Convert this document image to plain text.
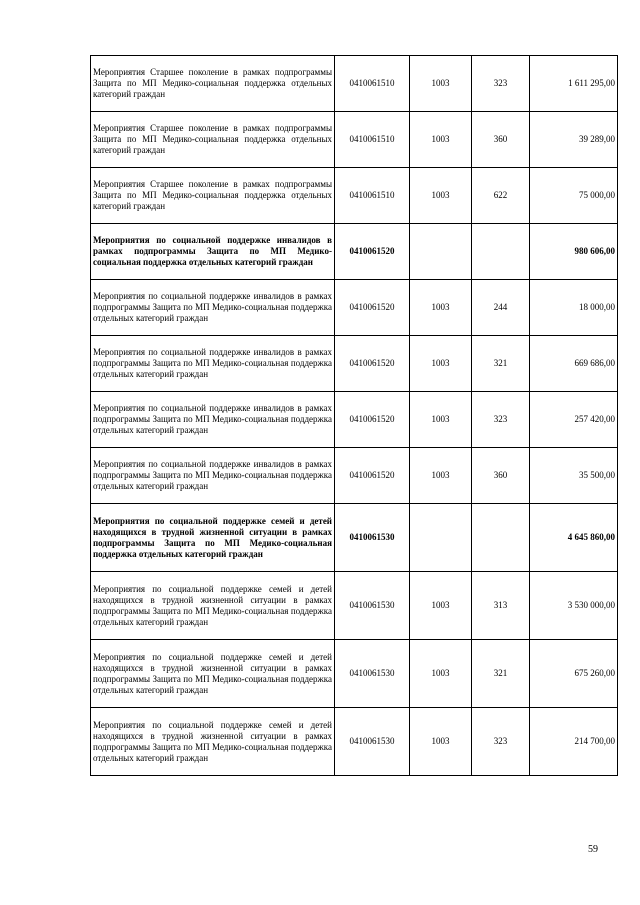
Мероприятия Старшее поколение в рамках подпрограммы Защита по МП Медико-социальная поддержка отдельных категорий граждан	0410061510	1003	323	1 611 295,00
Мероприятия Старшее поколение в рамках подпрограммы Защита по МП Медико-социальная поддержка отдельных категорий граждан	0410061510	1003	360	39 289,00
Мероприятия Старшее поколение в рамках подпрограммы Защита по МП Медико-социальная поддержка отдельных категорий граждан	0410061510	1003	622	75 000,00
Мероприятия по социальной поддержке инвалидов в рамках подпрограммы Защита по МП Медико-социальная поддержка отдельных категорий граждан	0410061520			980 606,00
Мероприятия по социальной поддержке инвалидов в рамках подпрограммы Защита по МП Медико-социальная поддержка отдельных категорий граждан	0410061520	1003	244	18 000,00
Мероприятия по социальной поддержке инвалидов в рамках подпрограммы Защита по МП Медико-социальная поддержка отдельных категорий граждан	0410061520	1003	321	669 686,00
Мероприятия по социальной поддержке инвалидов в рамках подпрограммы Защита по МП Медико-социальная поддержка отдельных категорий граждан	0410061520	1003	323	257 420,00
Мероприятия по социальной поддержке инвалидов в рамках подпрограммы Защита по МП Медико-социальная поддержка отдельных категорий граждан	0410061520	1003	360	35 500,00
Мероприятия по социальной поддержке семей и детей находящихся в трудной жизненной ситуации в рамках подпрограммы Защита по МП Медико-социальная поддержка отдельных категорий граждан	0410061530			4 645 860,00
Мероприятия по социальной поддержке семей и детей находящихся в трудной жизненной ситуации в рамках подпрограммы Защита по МП Медико-социальная поддержка отдельных категорий граждан	0410061530	1003	313	3 530 000,00
Мероприятия по социальной поддержке семей и детей находящихся в трудной жизненной ситуации в рамках подпрограммы Защита по МП Медико-социальная поддержка отдельных категорий граждан	0410061530	1003	321	675 260,00
Мероприятия по социальной поддержке семей и детей находящихся в трудной жизненной ситуации в рамках подпрограммы Защита по МП Медико-социальная поддержка отдельных категорий граждан	0410061530	1003	323	214 700,00
59
